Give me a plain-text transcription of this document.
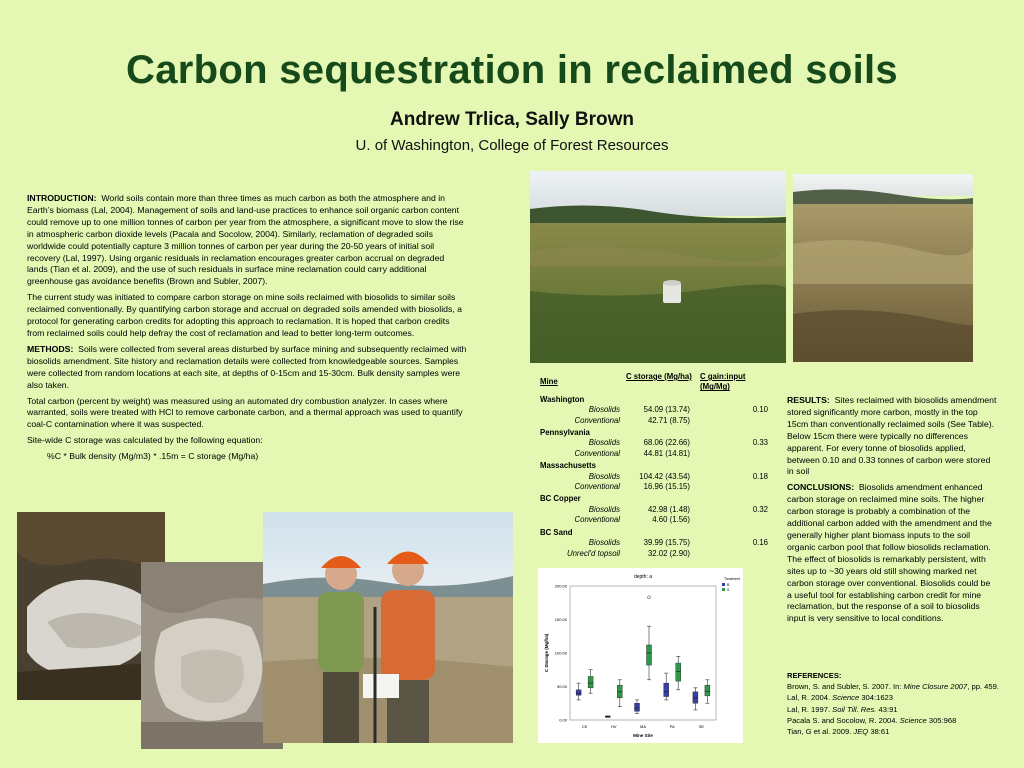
Carbon sequestration in reclaimed soils
Andrew Trlica, Sally Brown
U. of Washington, College of Forest Resources

INTRODUCTION: World soils contain more than three times as much carbon as both the atmosphere and in Earth’s biomass (Lal, 2004). Management of soils and land-use practices to enhance soil organic carbon content could remove up to one million tonnes of carbon per year from the atmosphere, a significant move to slow the rise in atmospheric carbon dioxide levels (Pacala and Socolow, 2004). Similarly, reclamation of degraded soils worldwide could potentially capture 3 million tonnes of carbon per year during the 20-50 years of initial soil recovery (Lal, 1997). Using organic residuals in reclamation encourages greater carbon accrual on degraded lands (Tian et al. 2009), and the use of such residuals in surface mine reclamation could carry additional greenhouse gas avoidance benefits (Brown and Subler, 2007).

The current study was initiated to compare carbon storage on mine soils reclaimed with biosolids to similar soils reclaimed conventionally. By quantifying carbon storage and accrual on degraded soils amended with biosolids, a protocol for generating carbon credits for adopting this approach to reclamation. It is hoped that carbon credits from reclaimed soils could help defray the cost of reclamation and lead to better long-term outcomes.

METHODS: Soils were collected from several areas disturbed by surface mining and subsequently reclaimed with biosolids amendment. Site history and reclamation details were collected from knowledgeable sources. Samples were collected from random locations at each site, at depths of 0-15cm and 15-30cm. Bulk density samples were also taken.

Total carbon (percent by weight) was measured using an automated dry combustion analyzer. In cases where warranted, soils were treated with HCl to remove carbonate carbon, and a thermal approach was used to quantify coal-C contamination where it was suspected.

Site-wide C storage was calculated by the following equation:

%C * Bulk density (Mg/m3) * .15m = C storage (Mg/ha)

Mine	C storage (Mg/ha)	C gain:input (Mg/Mg)
Washington		
Biosolids	54.09 (13.74)	0.10
Conventional	42.71 (8.75)	
Pennsylvania		
Biosolids	68.06 (22.66)	0.33
Conventional	44.81 (14.81)	
Massachusetts		
Biosolids	104.42 (43.54)	0.18
Conventional	16.96 (15.15)	
BC Copper		
Biosolids	42.98 (1.48)	0.32
Conventional	4.60 (1.56)	
BC Sand		
Biosolids	39.99 (15.75)	0.16
Unrecl'd topsoil	32.02 (2.90)	

RESULTS: Sites reclaimed with biosolids amendment stored significantly more carbon, mostly in the top 15cm than conventionally reclaimed soils (See Table). Below 15cm there were typically no differences apparent. For every tonne of biosolids applied, between 0.10 and 0.33 tonnes of carbon were stored in soil

CONCLUSIONS: Biosolids amendment enhanced carbon storage on reclaimed mine soils. The higher carbon storage is probably a combination of the additional carbon added with the amendment and the generally higher plant biomass inputs to the soil organic carbon pool that follow biosolids reclamation. The effect of biosolids is remarkably persistent, with sites up to ~30 years old still showing marked net carbon storage over conventional. Biosolids could be a useful tool for establishing carbon credit for mine reclamation, but the response of a soil to biosolids input is very sensitive to local conditions.

REFERENCES:
Brown, S. and Subler, S. 2007. In: Mine Closure 2007, pp. 459.
Lal, R. 2004. Science 304:1623
Lal, R. 1997. Soil Till. Res. 43:91
Pacala S. and Socolow, R. 2004. Science 305:968
Tian, G et al. 2009. JEQ 38:61
depth: a
0.00
50.00
100.00
150.00
200.00
C Storage (Mg/ha)
CE	HV	MA	PA	SE
Mine Site
Treatment
B
S
